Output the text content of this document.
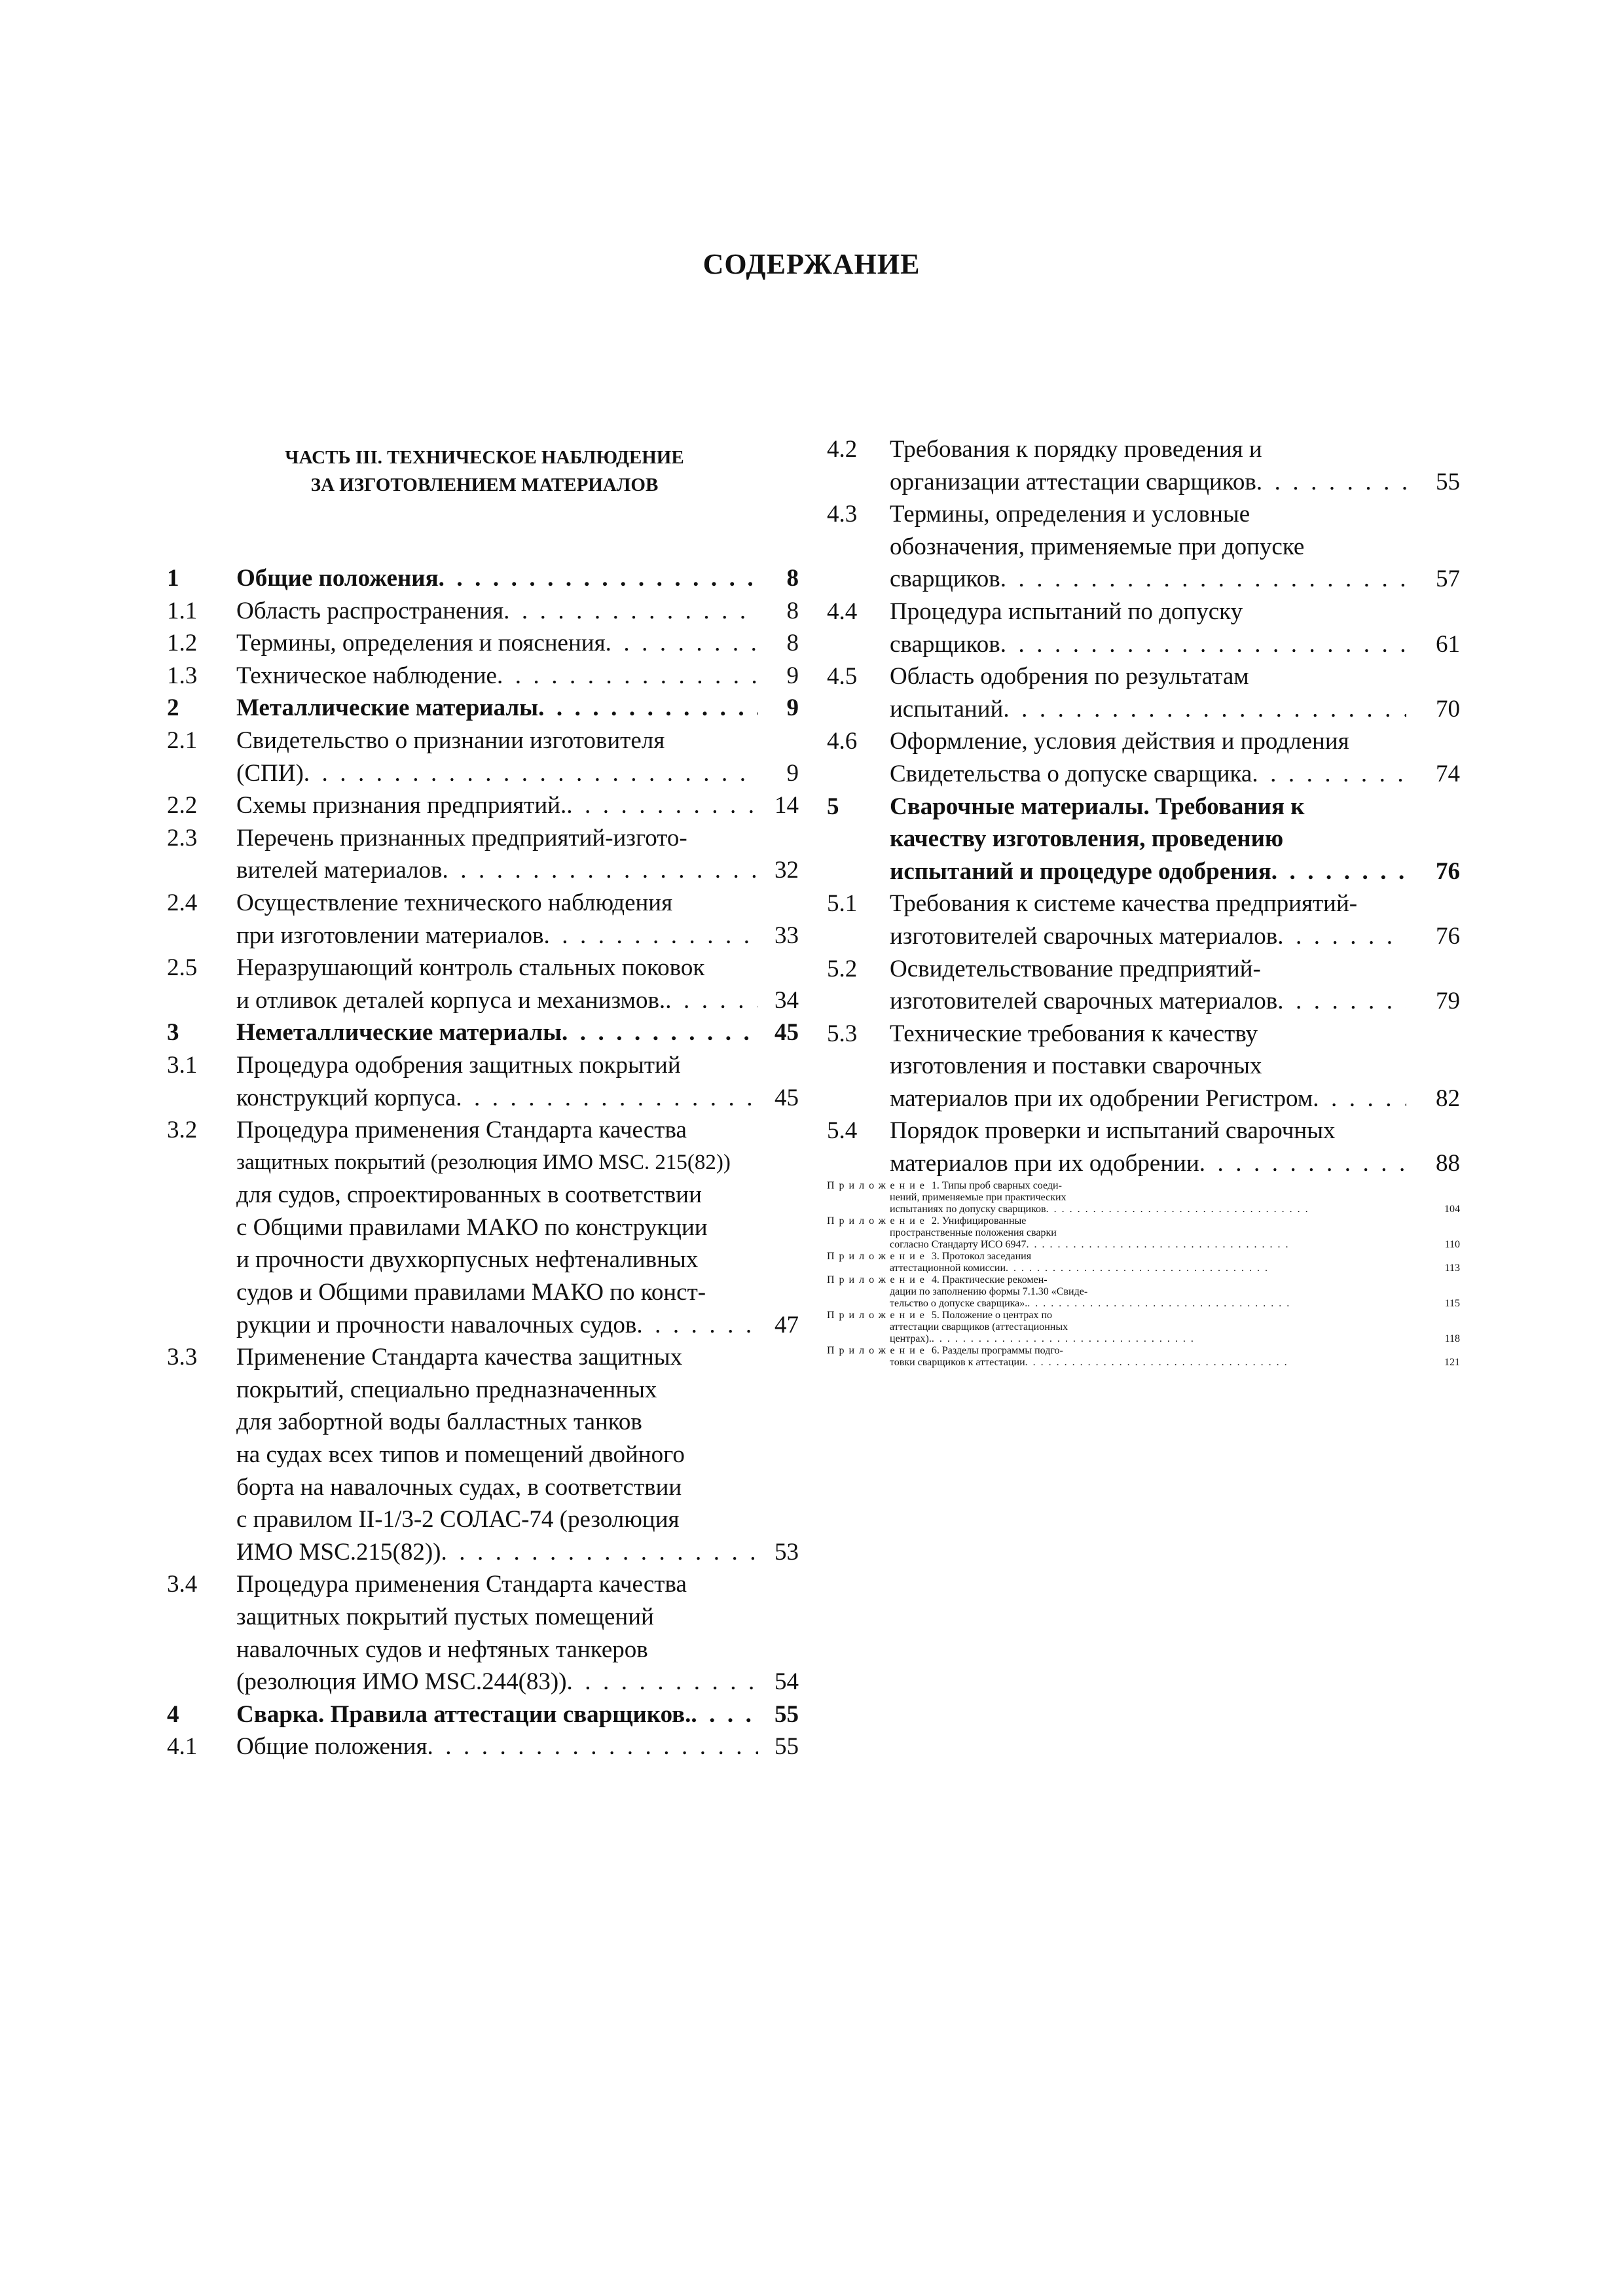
СОДЕРЖАНИЕ
ЧАСТЬ III. ТЕХНИЧЕСКОЕ НАБЛЮДЕНИЕ
ЗА ИЗГОТОВЛЕНИЕМ МАТЕРИАЛОВ
1	Общие положения .  .	8
1.1	Область распространения .  .	8
1.2	Термины, определения и пояснения .  .	8
1.3	Техническое наблюдение .  .	9
2	Металлические материалы .  .	9
2.1	Свидетельство о признании изготовителя
(СПИ) .  .	9
2.2	Схемы признания предприятий. .  .	14
2.3	Перечень признанных предприятий-изгото-
вителей материалов .  .	32
2.4	Осуществление технического наблюдения
при изготовлении материалов .  .	33
2.5	Неразрушающий контроль стальных поковок
и отливок деталей корпуса и механизмов. .  .	34
3	Неметаллические материалы .  .	45
3.1	Процедура одобрения защитных покрытий
конструкций корпуса .  .	45
3.2	Процедура применения Стандарта качества
защитных покрытий (резолюция ИМО MSC. 215(82))
для судов, спроектированных в соответствии
с Общими правилами МАКО по конструкции
и прочности двухкорпусных нефтеналивных
судов и Общими правилами МАКО по конст-
рукции и прочности навалочных судов .  .	47
3.3	Применение Стандарта качества защитных
покрытий, специально предназначенных
для забортной воды балластных танков
на судах всех типов и помещений двойного
борта на навалочных судах, в соответствии
с правилом II-1/3-2 СОЛАС-74 (резолюция
ИМО MSC.215(82)) .  .	53
3.4	Процедура применения Стандарта качества
защитных покрытий пустых помещений
навалочных судов и нефтяных танкеров
(резолюция ИМО MSC.244(83)) .  .	54
4	Сварка. Правила аттестации сварщиков. .  .	55
4.1	Общие положения .  .	55
4.2	Требования к порядку проведения и
организации аттестации сварщиков .  .	55
4.3	Термины, определения и условные
обозначения, применяемые при допуске
сварщиков .  .	57
4.4	Процедура испытаний по допуску
сварщиков .  .	61
4.5	Область одобрения по результатам
испытаний .  .	70
4.6	Оформление, условия действия и продления
Свидетельства о допуске сварщика .  .	74
5	Сварочные материалы. Требования к
качеству изготовления, проведению
испытаний и процедуре одобрения .  .	76
5.1	Требования к системе качества предприятий-
изготовителей сварочных материалов .  .	76
5.2	Освидетельствование предприятий-
изготовителей сварочных материалов .  .	79
5.3	Технические требования к качеству
изготовления и поставки сварочных
материалов при их одобрении Регистром .  .	82
5.4	Порядок проверки и испытаний сварочных
материалов при их одобрении .  .	88
Приложение 1. Типы проб сварных соеди-
нений, применяемые при практических
испытаниях по допуску сварщиков .  .	104
Приложение 2. Унифицированные
пространственные положения сварки
согласно Стандарту ИСО 6947 .  .	110
Приложение 3. Протокол заседания
аттестационной комиссии .  .	113
Приложение 4. Практические рекомен-
дации по заполнению формы 7.1.30 «Свиде-
тельство о допуске сварщика». .  .	115
Приложение 5. Положение о центрах по
аттестации сварщиков (аттестационных
центрах). .  .	118
Приложение 6. Разделы программы подго-
товки сварщиков к аттестации .  .	121
